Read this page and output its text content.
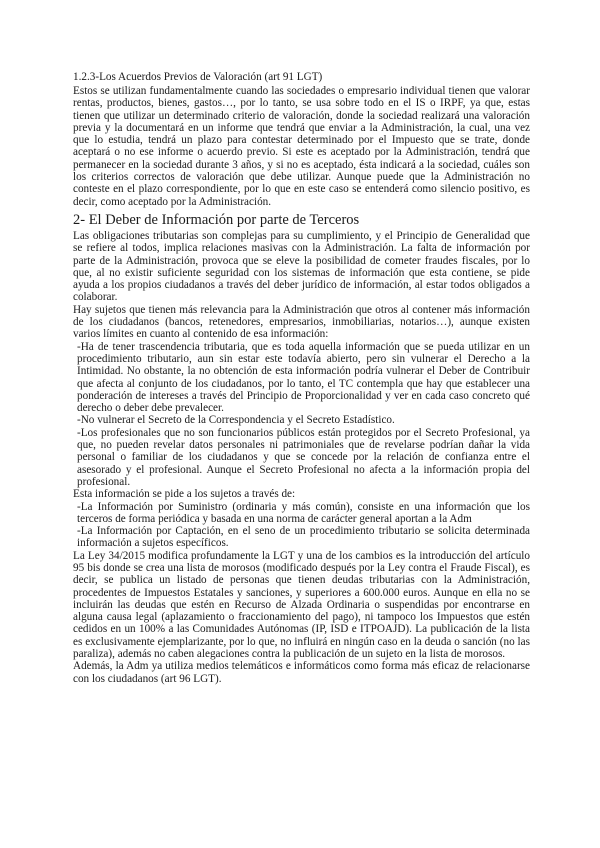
1.2.3-Los Acuerdos Previos de Valoración (art 91 LGT)

Estos se utilizan fundamentalmente cuando las sociedades o empresario individual tienen que valorar rentas, productos, bienes, gastos…, por lo tanto, se usa sobre todo en el IS o IRPF, ya que, estas tienen que utilizar un determinado criterio de valoración, donde la sociedad realizará una valoración previa y la documentará en un informe que tendrá que enviar a la Administración, la cual, una vez que lo estudia, tendrá un plazo para contestar determinado por el Impuesto que se trate, donde aceptará o no ese informe o acuerdo previo. Si este es aceptado por la Administración, tendrá que permanecer en la sociedad durante 3 años, y si no es aceptado, ésta indicará a la sociedad, cuáles son los criterios correctos de valoración que debe utilizar. Aunque puede que la Administración no conteste en el plazo correspondiente, por lo que en este caso se entenderá como silencio positivo, es decir, como aceptado por la Administración.

2- El Deber de Información por parte de Terceros

Las obligaciones tributarias son complejas para su cumplimiento, y el Principio de Generalidad que se refiere al todos, implica relaciones masivas con la Administración. La falta de información por parte de la Administración, provoca que se eleve la posibilidad de cometer fraudes fiscales, por lo que, al no existir suficiente seguridad con los sistemas de información que esta contiene, se pide ayuda a los propios ciudadanos a través del deber jurídico de información, al estar todos obligados a colaborar.

Hay sujetos que tienen más relevancia para la Administración que otros al contener más información de los ciudadanos (bancos, retenedores, empresarios, inmobiliarias, notarios…), aunque existen varios límites en cuanto al contenido de esa información:

-Ha de tener trascendencia tributaria, que es toda aquella información que se pueda utilizar en un procedimiento tributario, aun sin estar este todavía abierto, pero sin vulnerar el Derecho a la Intimidad. No obstante, la no obtención de esta información podría vulnerar el Deber de Contribuir que afecta al conjunto de los ciudadanos, por lo tanto, el TC contempla que hay que establecer una ponderación de intereses a través del Principio de Proporcionalidad y ver en cada caso concreto qué derecho o deber debe prevalecer.

-No vulnerar el Secreto de la Correspondencia y el Secreto Estadístico.

-Los profesionales que no son funcionarios públicos están protegidos por el Secreto Profesional, ya que, no pueden revelar datos personales ni patrimoniales que de revelarse podrían dañar la vida personal o familiar de los ciudadanos y que se concede por la relación de confianza entre el asesorado y el profesional. Aunque el Secreto Profesional no afecta a la información propia del profesional.

Esta información se pide a los sujetos a través de:

-La Información por Suministro (ordinaria y más común), consiste en una información que los terceros de forma periódica y basada en una norma de carácter general aportan a la Adm

-La Información por Captación, en el seno de un procedimiento tributario se solicita determinada información a sujetos específicos.

La Ley 34/2015 modifica profundamente la LGT y una de los cambios es la introducción del artículo 95 bis donde se crea una lista de morosos (modificado después por la Ley contra el Fraude Fiscal), es decir, se publica un listado de personas que tienen deudas tributarias con la Administración, procedentes de Impuestos Estatales y sanciones, y superiores a 600.000 euros. Aunque en ella no se incluirán las deudas que estén en Recurso de Alzada Ordinaria o suspendidas por encontrarse en alguna causa legal (aplazamiento o fraccionamiento del pago), ni tampoco los Impuestos que estén cedidos en un 100% a las Comunidades Autónomas (IP, ISD e ITPOAJD). La publicación de la lista es exclusivamente ejemplarizante, por lo que, no influirá en ningún caso en la deuda o sanción (no las paraliza), además no caben alegaciones contra la publicación de un sujeto en la lista de morosos.

Además, la Adm ya utiliza medios telemáticos e informáticos como forma más eficaz de relacionarse con los ciudadanos (art 96 LGT).
